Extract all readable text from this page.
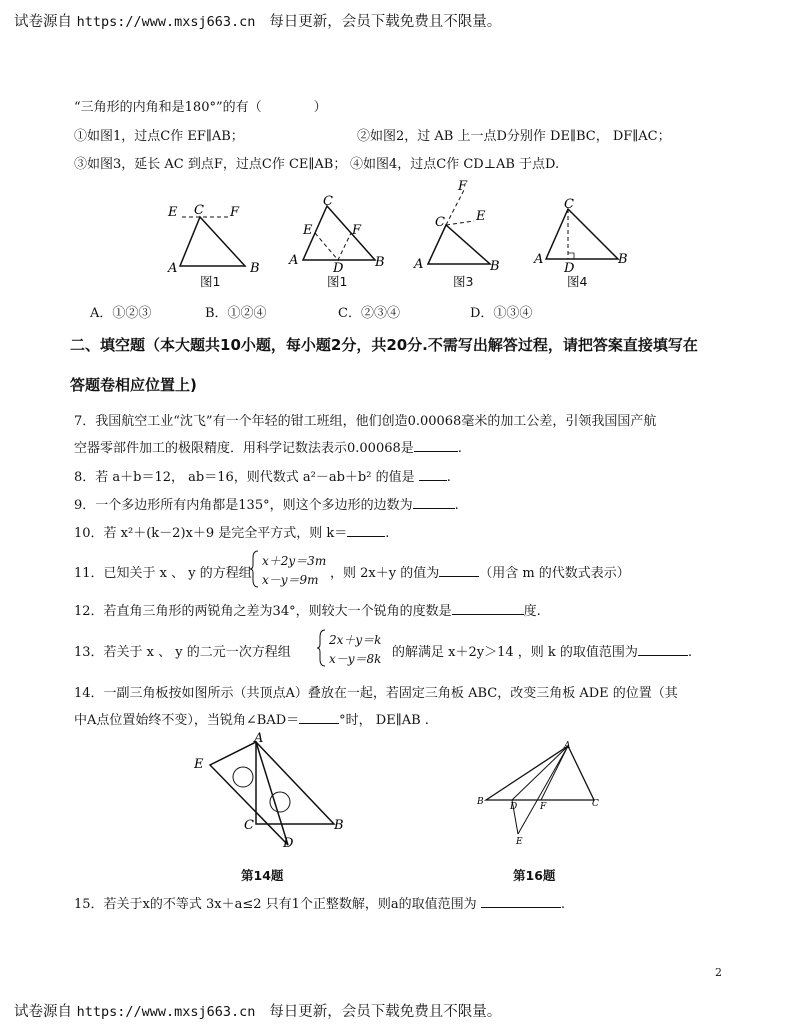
试卷源自 https://www.mxsj663.cn 每日更新，会员下载免费且不限量。
“三角形的内角和是180°”的有（　　　　）
①如图1，过点C作 EF∥AB；	②如图2，过 AB 上一点D分别作 DE∥BC， DF∥AC；
③如图3，延长 AC 到点F，过点C作 CE∥AB； ④如图4，过点C作 CD⊥AB 于点D.
E C F
A	B
图1
C
E	F
A
D B
图1
F
C E
A	B
图3
C
A
D
B
图4
A．①②③	B．①②④	C．②③④	D．①③④
二、填空题（本大题共10小题，每小题2分，共20分.不需写出解答过程，请把答案直接填写在
答题卷相应位置上)
7．我国航空工业“沈飞”有一个年轻的钳工班组，他们创造0.00068毫米的加工公差，引领我国国产航
空器零部件加工的极限精度．用科学记数法表示0.00068是	.
8．若 a＋b＝12， ab＝16，则代数式 a²－ab＋b² 的值是 .
9．一个多边形所有内角都是135°，则这个多边形的边数为	.
10．若 x²＋(k－2)x＋9 是完全平方式，则 k＝	.
11．已知关于 x 、 y 的方程组
x＋2y＝3m
x－y＝9m ，则 2x＋y 的值为	（用含 m 的代数式表示）
12．若直角三角形的两锐角之差为34°，则较大一个锐角的度数是	度.
13．若关于 x 、 y 的二元一次方程组
2x＋y＝k
x－y＝8k 的解满足 x＋2y＞14 ，则 k 的取值范围为	.
14．一副三角板按如图所示（共顶点A）叠放在一起，若固定三角板 ABC，改变三角板 ADE 的位置（其
中A点位置始终不变），当锐角∠BAD＝	°时， DE∥AB .
A
E
C
D
B
第14题
A
B	D	F	C
E
第16题
15．若关于x的不等式 3x＋a≤2 只有1个正整数解，则a的取值范围为	.
2
试卷源自 https://www.mxsj663.cn 每日更新，会员下载免费且不限量。
